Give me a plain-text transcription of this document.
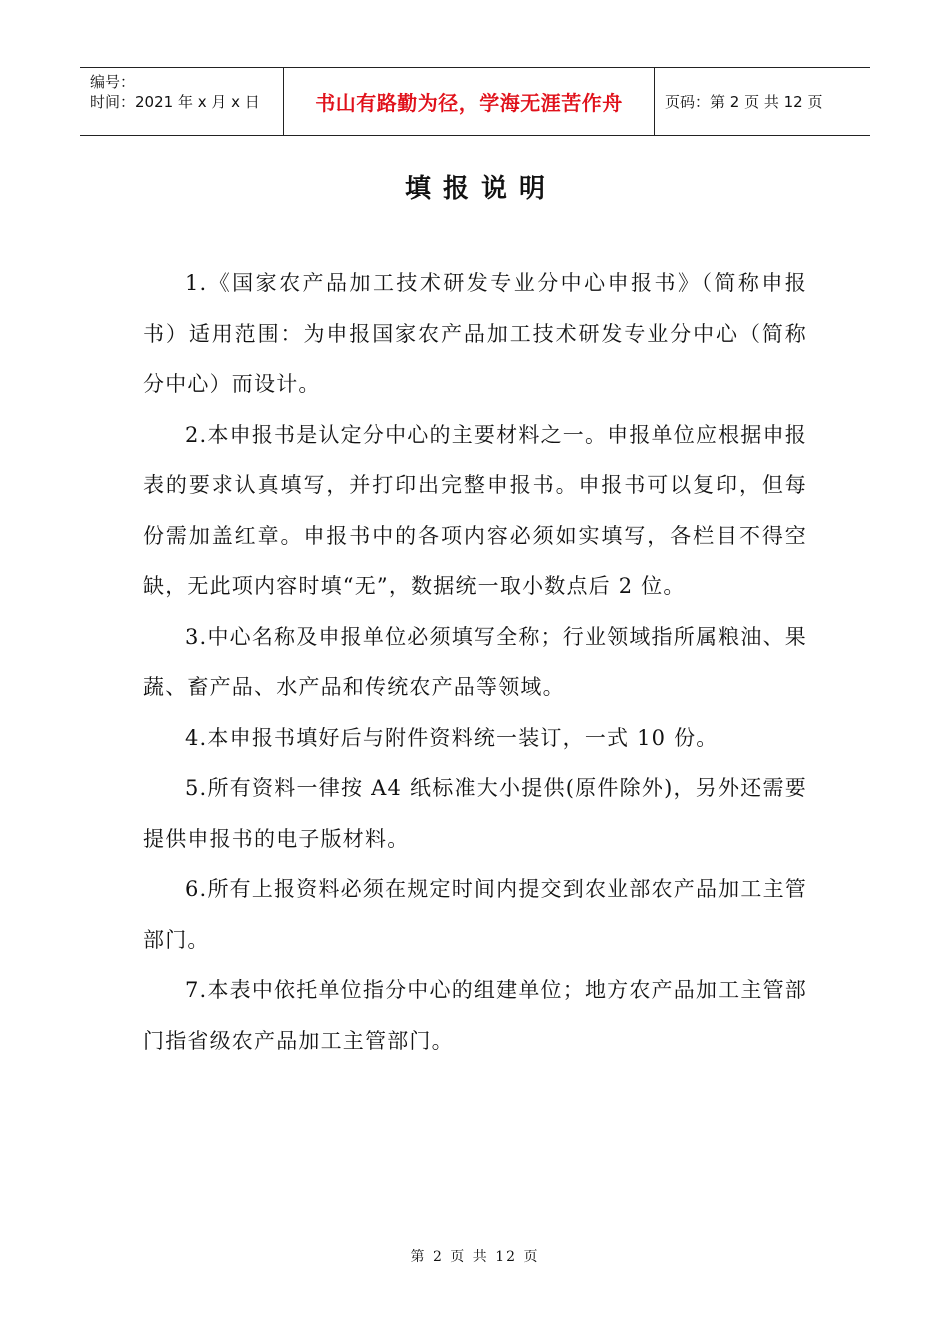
编号：
时间：2021 年 x 月 x 日	书山有路勤为径，学海无涯苦作舟	页码：第 2 页 共 12 页
填报说明

1.《国家农产品加工技术研发专业分中心申报书》（简称申报书）适用范围：为申报国家农产品加工技术研发专业分中心（简称分中心）而设计。

2.本申报书是认定分中心的主要材料之一。申报单位应根据申报表的要求认真填写，并打印出完整申报书。申报书可以复印，但每份需加盖红章。申报书中的各项内容必须如实填写，各栏目不得空缺，无此项内容时填“无”，数据统一取小数点后 2 位。

3.中心名称及申报单位必须填写全称；行业领域指所属粮油、果蔬、畜产品、水产品和传统农产品等领域。

4.本申报书填好后与附件资料统一装订，一式 10 份。

5.所有资料一律按 A4 纸标准大小提供(原件除外)，另外还需要提供申报书的电子版材料。

6.所有上报资料必须在规定时间内提交到农业部农产品加工主管部门。

7.本表中依托单位指分中心的组建单位；地方农产品加工主管部门指省级农产品加工主管部门。

第 2 页 共 12 页
